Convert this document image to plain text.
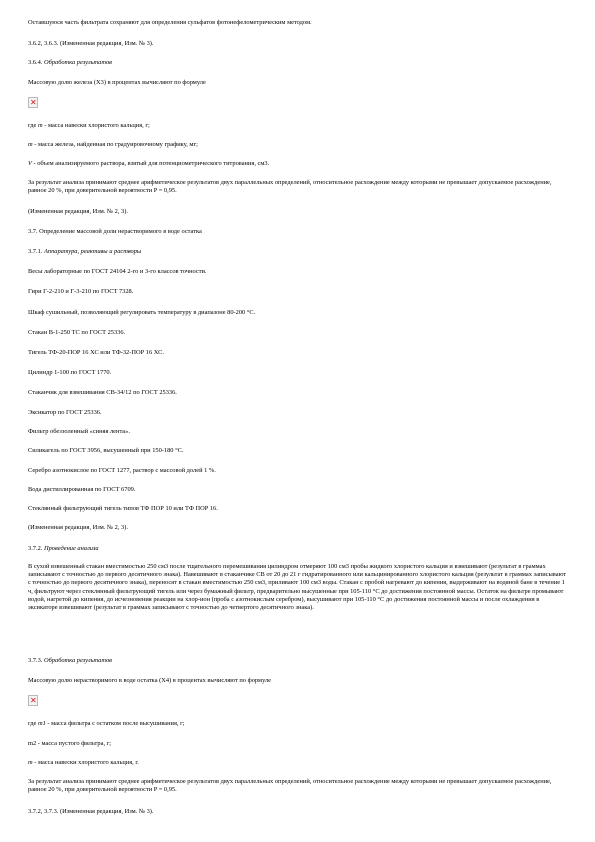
Оставшуюся часть фильтрата сохраняют для определения сульфатов фотонефелометрическим методом.

3.6.2, 3.6.3. (Измененная редакция, Изм. № 3).

3.6.4. Обработка результатов

Массовую долю железа (X3) в процентах вычисляют по формуле

✕

где m - масса навески хлористого кальция, г;

m - масса железа, найденная по градуировочному графику, мг;

V - объем анализируемого раствора, взятый для потенциометрического титрования, см3.

За результат анализа принимают среднее арифметическое результатов двух параллельных определений, относительное расхождение между которыми не превышает допускаемое расхождение, равное 20 %, при доверительной вероятности P = 0,95.

(Измененная редакция, Изм. № 2, 3).

3.7. Определение массовой доли нерастворимого в воде остатка

3.7.1. Аппаратура, реактивы и растворы

Весы лабораторные по ГОСТ 24104 2-го и 3-го классов точности.

Гири Г-2-210 и Г-3-210 по ГОСТ 7328.

Шкаф сушильный, позволяющий регулировать температуру в диапазоне 80-200 °С.

Стакан В-1-250 ТС по ГОСТ 25336.

Тигель ТФ-20-ПОР 16 ХС или ТФ-32-ПОР 16 ХС.

Цилиндр 1-100 по ГОСТ 1770.

Стаканчик для взвешивания СВ-34/12 по ГОСТ 25336.

Эксикатор по ГОСТ 25336.

Фильтр обеззоленный «синяя лента».

Силикагель по ГОСТ 3956, высушенный при 150-180 °С.

Серебро азотнокислое по ГОСТ 1277, раствор с массовой долей 1 %.

Вода дистиллированная по ГОСТ 6709.

Стеклянный фильтрующий тигель типов ТФ ПОР 10 или ТФ ПОР 16.

(Измененная редакция, Изм. № 2, 3).

3.7.2. Проведение анализа

В сухой взвешенный стакан вместимостью 250 см3 после тщательного перемешивания цилиндром отмеряют 100 см3 пробы жидкого хлористого кальция и взвешивают (результат в граммах записывают с точностью до первого десятичного знака). Навешивают в стаканчике СВ от 20 до 21 г гидратированного или кальцинированного хлористого кальция (результат в граммах записывают с точностью до первого десятичного знака), переносят в стакан вместимостью 250 см3, приливают 100 см3 воды. Стакан с пробой нагревают до кипения, выдерживают на водяной бане в течение 1 ч, фильтруют через стеклянный фильтрующий тигель или через бумажный фильтр, предварительно высушенные при 105-110 °С до достижения постоянной массы. Остаток на фильтре промывают водой, нагретой до кипения, до исчезновения реакции на хлор-ион (проба с азотнокислым серебром), высушивают при 105-110 °С до достижения постоянной массы и после охлаждения в эксикаторе взвешивают (результат в граммах записывают с точностью до четвертого десятичного знака).

3.7.3. Обработка результатов

Массовую долю нерастворимого в воде остатка (X4) в процентах вычисляют по формуле

✕

где m1 - масса фильтра с остатком после высушивания, г;

m2 - масса пустого фильтра, г;

m - масса навески хлористого кальция, г.

За результат анализа принимают среднее арифметическое результатов двух параллельных определений, относительное расхождение между которыми не превышает допускаемое расхождение, равное 20 %, при доверительной вероятности P = 0,95.

3.7.2, 3.7.3. (Измененная редакция, Изм. № 3).
